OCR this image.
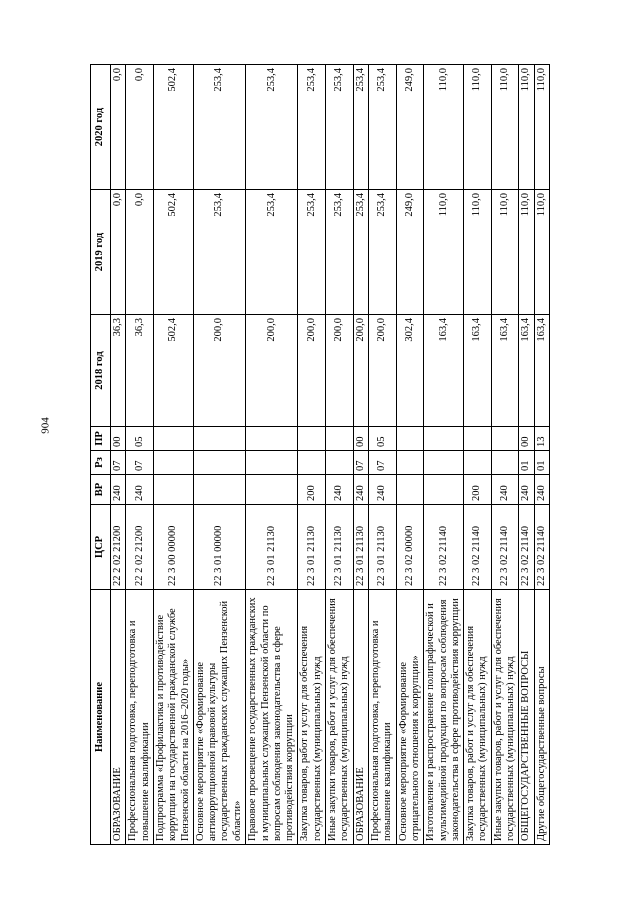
904
Наименование	ЦСР	ВР	Рз	ПР	2018 год	2019 год	2020 год
ОБРАЗОВАНИЕ	22 2 02 21200	240	07	00	36,3	0,0	0,0
Профессиональная подготовка, переподготовка и повышение квалификации	22 2 02 21200	240	07	05	36,3	0,0	0,0
Подпрограмма «Профилактика и противодействие коррупции на государственной гражданской службе Пензенской области на 2016–2020 годы»	22 3 00 00000				502,4	502,4	502,4
Основное мероприятие «Формирование антикоррупционной правовой культуры государственных гражданских служащих Пензенской области»	22 3 01 00000				200,0	253,4	253,4
Правовое просвещение государственных гражданских и муниципальных служащих Пензенской области по вопросам соблюдения законодательства в сфере противодействия коррупции	22 3 01 21130				200,0	253,4	253,4
Закупка товаров, работ и услуг для обеспечения государственных (муниципальных) нужд	22 3 01 21130	200			200,0	253,4	253,4
Иные закупки товаров, работ и услуг для обеспечения государственных (муниципальных) нужд	22 3 01 21130	240			200,0	253,4	253,4
ОБРАЗОВАНИЕ	22 3 01 21130	240	07	00	200,0	253,4	253,4
Профессиональная подготовка, переподготовка и повышение квалификации	22 3 01 21130	240	07	05	200,0	253,4	253,4
Основное мероприятие «Формирование отрицательного отношения к коррупции»	22 3 02 00000				302,4	249,0	249,0
Изготовление и распространение полиграфической и мультимедийной продукции по вопросам соблюдения законодательства в сфере противодействия коррупции	22 3 02 21140				163,4	110,0	110,0
Закупка товаров, работ и услуг для обеспечения государственных (муниципальных) нужд	22 3 02 21140	200			163,4	110,0	110,0
Иные закупки товаров, работ и услуг для обеспечения государственных (муниципальных) нужд	22 3 02 21140	240			163,4	110,0	110,0
ОБЩЕГОСУДАРСТВЕННЫЕ ВОПРОСЫ	22 3 02 21140	240	01	00	163,4	110,0	110,0
Другие общегосударственные вопросы	22 3 02 21140	240	01	13	163,4	110,0	110,0
